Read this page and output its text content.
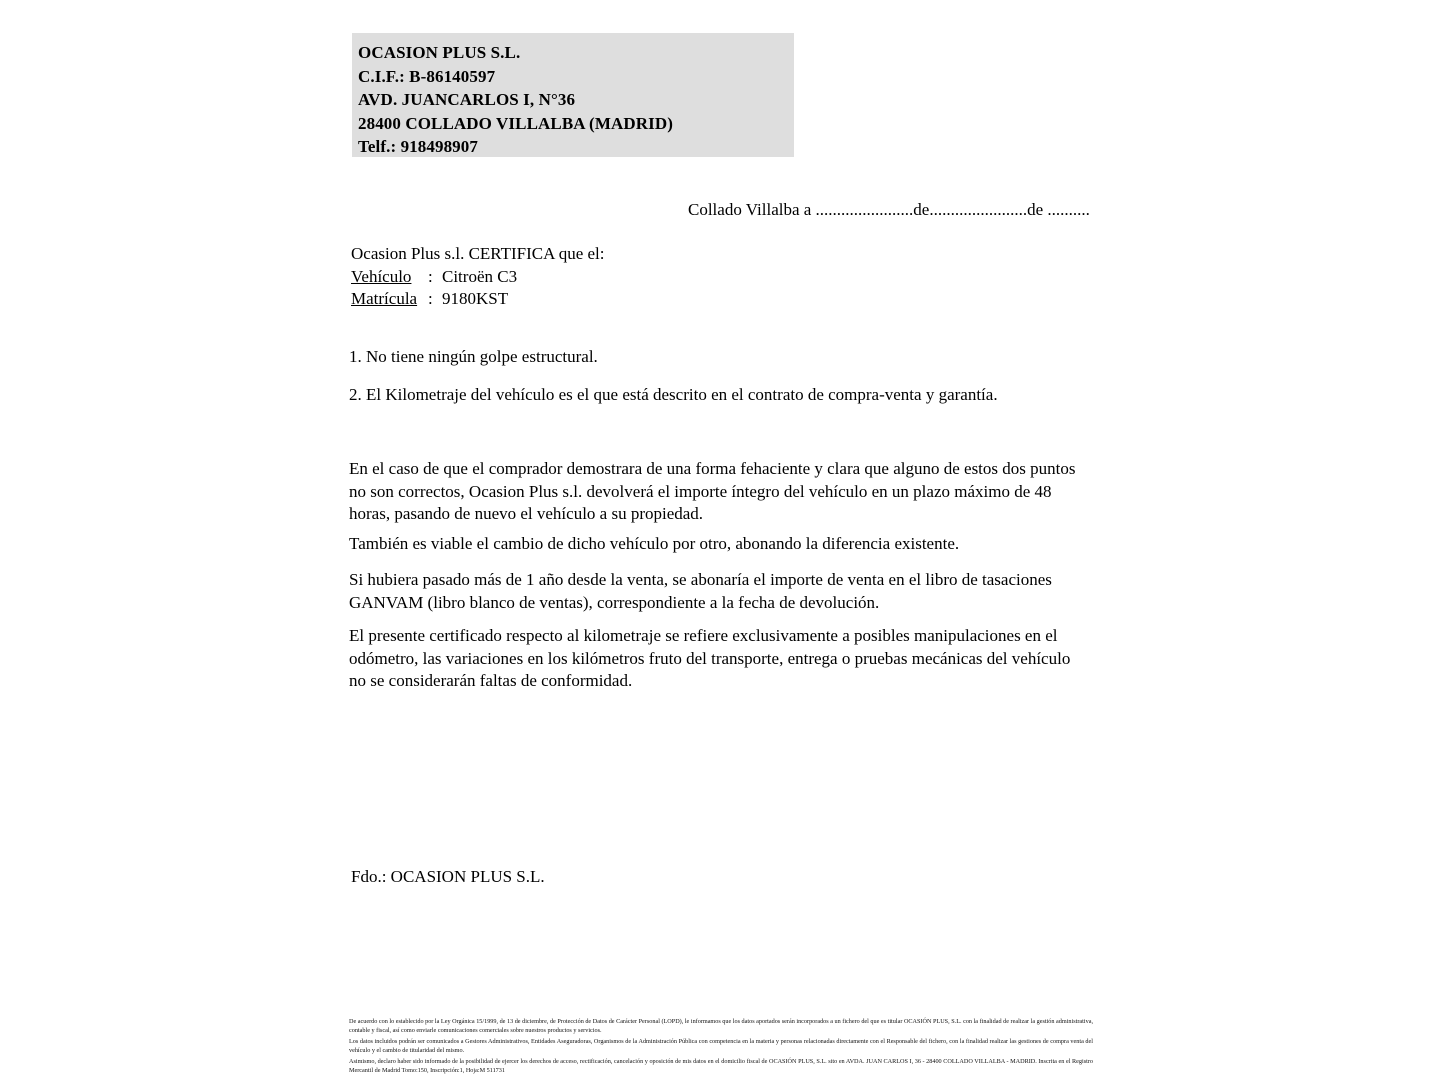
OCASION PLUS S.L.
C.I.F.: B-86140597
AVD. JUANCARLOS I, N°36
28400 COLLADO VILLALBA (MADRID)
Telf.: 918498907
Collado Villalba a .......................de.......................de ..........
Ocasion Plus s.l. CERTIFICA que el:
Vehículo : Citroën C3
Matrícula : 9180KST
1. No tiene ningún golpe estructural.
2. El Kilometraje del vehículo es el que está descrito en el contrato de compra-venta y garantía.
En el caso de que el comprador demostrara de una forma fehaciente y clara que alguno de estos dos puntos no son correctos, Ocasion Plus s.l. devolverá el importe íntegro del vehículo en un plazo máximo de 48 horas, pasando de nuevo el vehículo a su propiedad.
También es viable el cambio de dicho vehículo por otro, abonando la diferencia existente.
Si hubiera pasado más de 1 año desde la venta, se abonaría el importe de venta en el libro de tasaciones GANVAM (libro blanco de ventas), correspondiente a la fecha de devolución.
El presente certificado respecto al kilometraje se refiere exclusivamente a posibles manipulaciones en el odómetro, las variaciones en los kilómetros fruto del transporte, entrega o pruebas mecánicas del vehículo no se considerarán faltas de conformidad.
Fdo.: OCASION PLUS S.L.

De acuerdo con lo establecido por la Ley Orgánica 15/1999, de 13 de diciembre, de Protección de Datos de Carácter Personal (LOPD), le informamos que los datos aportados serán incorporados a un fichero del que es titular OCASIÓN PLUS, S.L. con la finalidad de realizar la gestión administrativa, contable y fiscal, así como enviarle comunicaciones comerciales sobre nuestros productos y servicios.

Los datos incluidos podrán ser comunicados a Gestores Administrativos, Entidades Aseguradoras, Organismos de la Administración Pública con competencia en la materia y personas relacionadas directamente con el Responsable del fichero, con la finalidad realizar las gestiones de compra venta del vehículo y el cambio de titularidad del mismo.

Asimismo, declaro haber sido informado de la posibilidad de ejercer los derechos de acceso, rectificación, cancelación y oposición de mis datos en el domicilio fiscal de OCASIÓN PLUS, S.L. sito en AVDA. JUAN CARLOS I, 36 - 28400 COLLADO VILLALBA - MADRID. Inscrita en el Registro Mercantil de Madrid Tomo:150, Inscripción:1, Hoja:M 511731
